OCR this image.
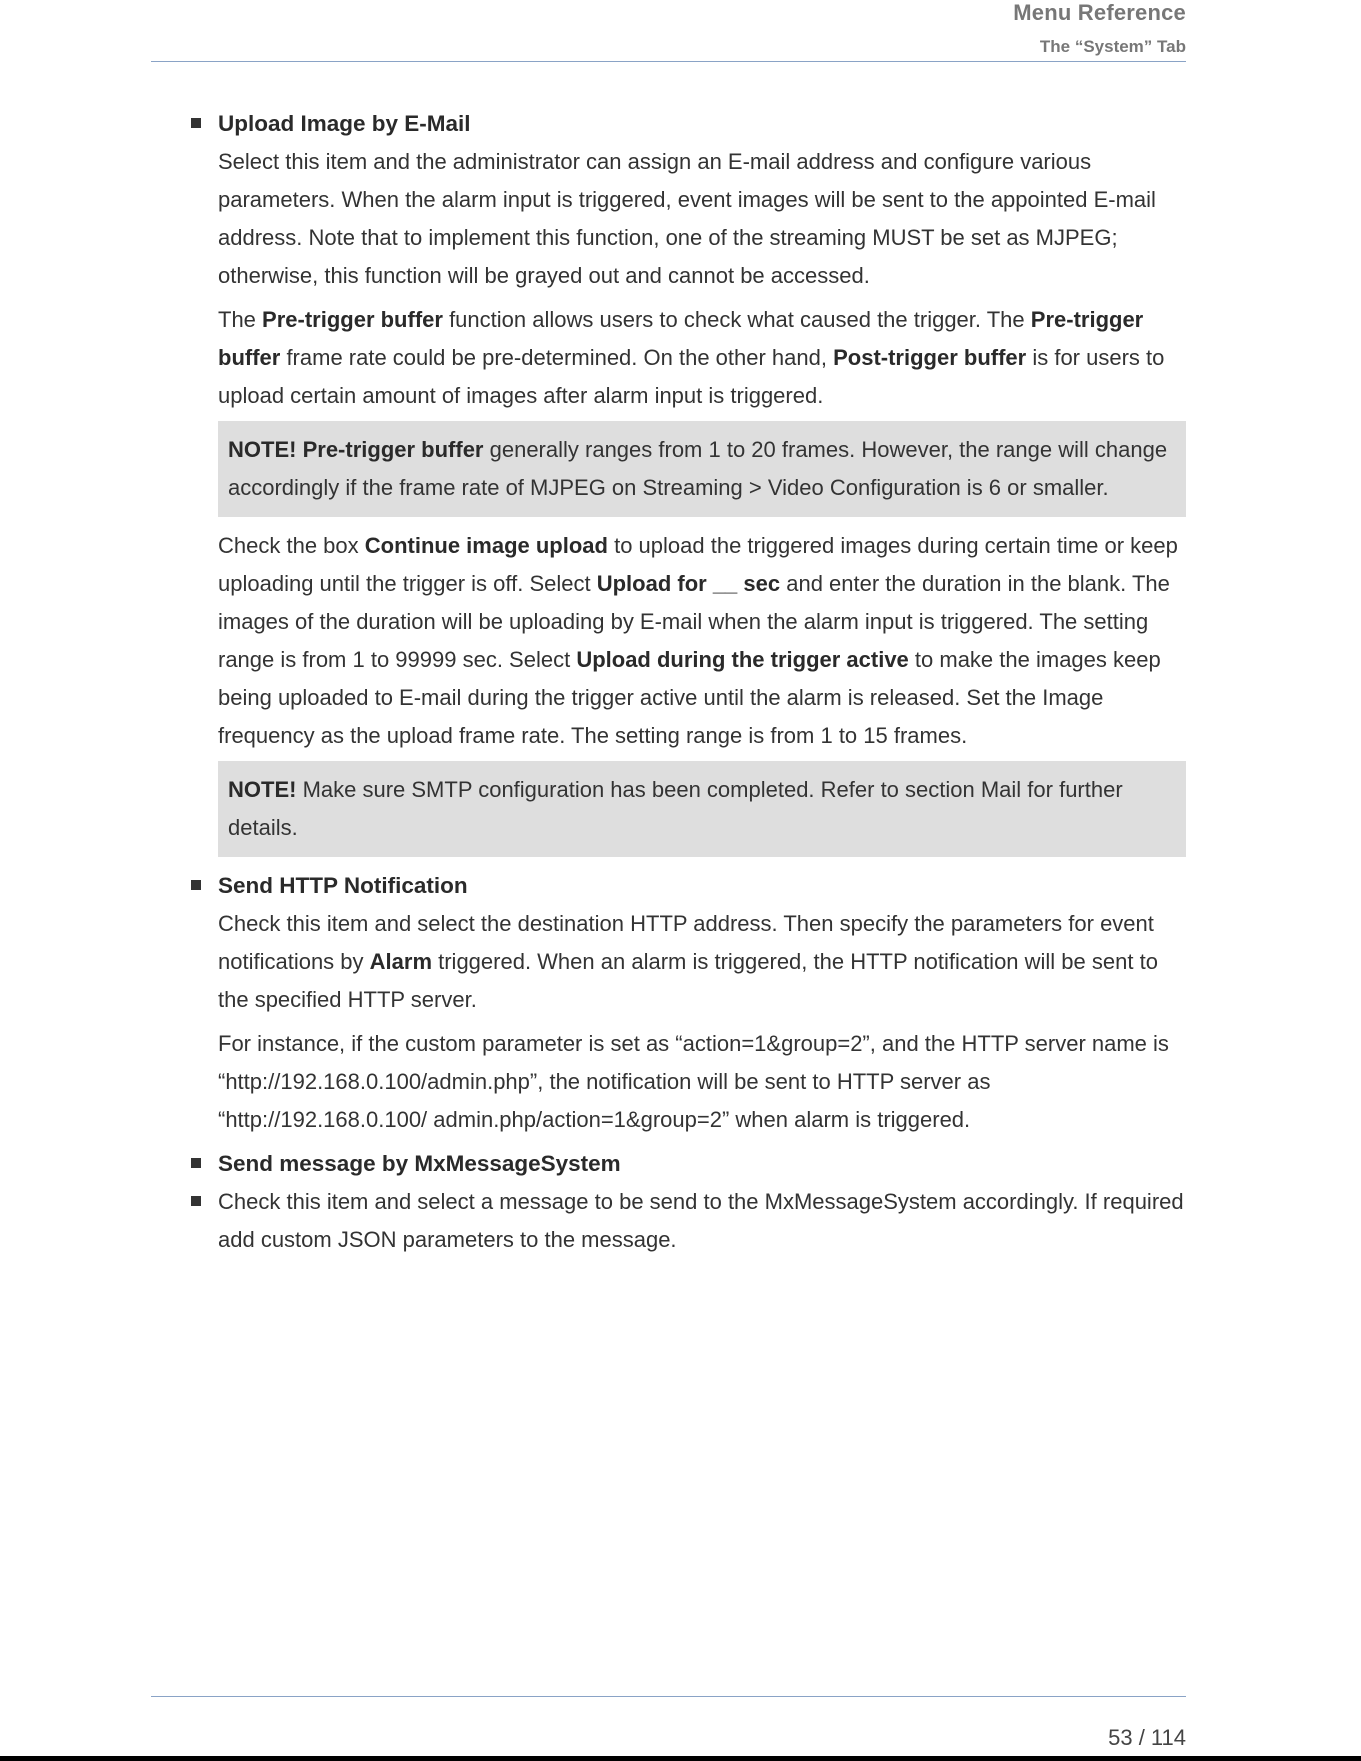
Menu Reference
The “System” Tab
Upload Image by E-Mail
Select this item and the administrator can assign an E-mail address and configure various parameters. When the alarm input is triggered, event images will be sent to the appointed E-mail address. Note that to implement this function, one of the streaming MUST be set as MJPEG; otherwise, this function will be grayed out and cannot be accessed.
The Pre-trigger buffer function allows users to check what caused the trigger. The Pre-trigger buffer frame rate could be pre-determined. On the other hand, Post-trigger buffer is for users to upload certain amount of images after alarm input is triggered.
NOTE! Pre-trigger buffer generally ranges from 1 to 20 frames. However, the range will change accordingly if the frame rate of MJPEG on Streaming > Video Configuration is 6 or smaller.
Check the box Continue image upload to upload the triggered images during certain time or keep uploading until the trigger is off. Select Upload for __ sec and enter the duration in the blank. The images of the duration will be uploading by E-mail when the alarm input is triggered. The setting range is from 1 to 99999 sec. Select Upload during the trigger active to make the images keep being uploaded to E-mail during the trigger active until the alarm is released. Set the Image frequency as the upload frame rate. The setting range is from 1 to 15 frames.
NOTE! Make sure SMTP configuration has been completed. Refer to section Mail for further details.
Send HTTP Notification
Check this item and select the destination HTTP address. Then specify the parameters for event notifications by Alarm triggered. When an alarm is triggered, the HTTP notification will be sent to the specified HTTP server.
For instance, if the custom parameter is set as “action=1&group=2”, and the HTTP server name is “http://192.168.0.100/admin.php”, the notification will be sent to HTTP server as “http://192.168.0.100/ admin.php/action=1&group=2” when alarm is triggered.
Send message by MxMessageSystem
Check this item and select a message to be send to the MxMessageSystem accordingly. If required add custom JSON parameters to the message.
53 / 114
